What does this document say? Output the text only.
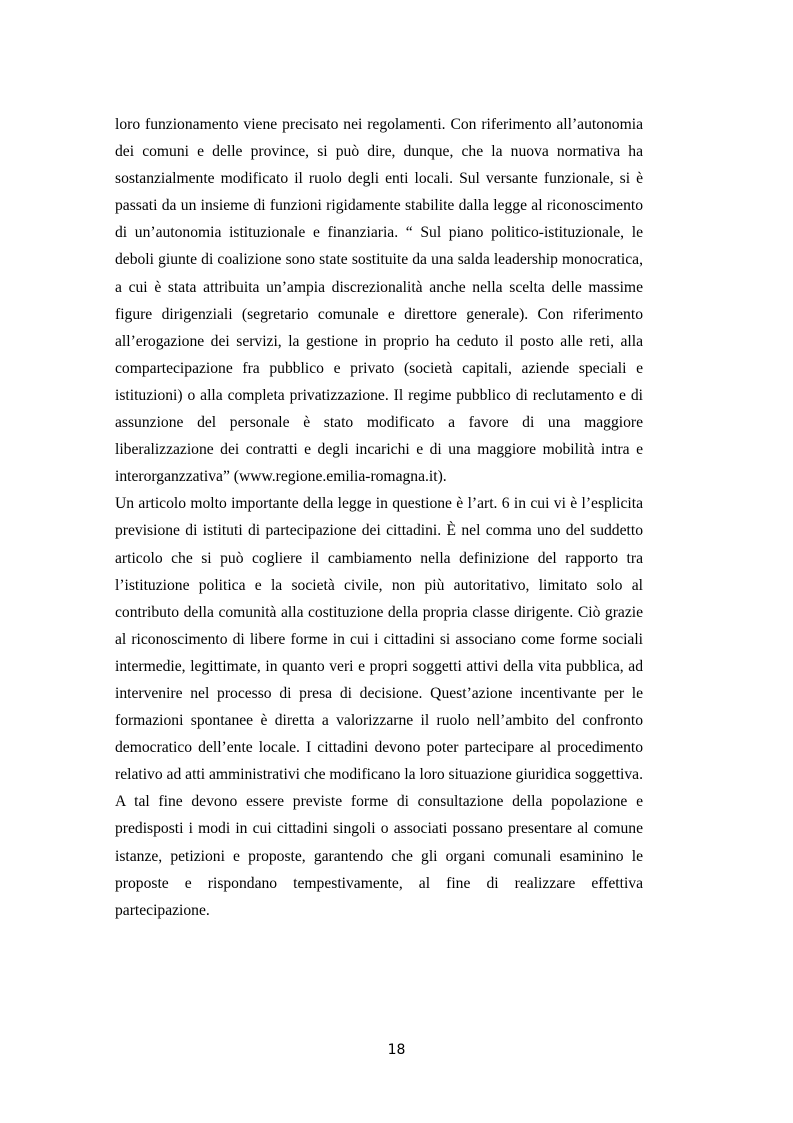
loro funzionamento viene precisato nei regolamenti. Con riferimento all’autonomia dei comuni e delle province, si può dire, dunque, che la nuova normativa ha sostanzialmente modificato il ruolo degli enti locali. Sul versante funzionale, si è passati da un insieme di funzioni rigidamente stabilite dalla legge al riconoscimento di un’autonomia istituzionale e finanziaria. “ Sul piano politico-istituzionale, le deboli giunte di coalizione sono state sostituite da una salda leadership monocratica, a cui è stata attribuita un’ampia discrezionalità anche nella scelta delle massime figure dirigenziali (segretario comunale e direttore generale). Con riferimento all’erogazione dei servizi, la gestione in proprio ha ceduto il posto alle reti, alla compartecipazione fra pubblico e privato (società capitali, aziende speciali e istituzioni) o alla completa privatizzazione. Il regime pubblico di reclutamento e di assunzione del personale è stato modificato a favore di una maggiore liberalizzazione dei contratti e degli incarichi e di una maggiore mobilità intra e interorganzzativa” (www.regione.emilia-romagna.it).

Un articolo molto importante della legge in questione è l’art. 6 in cui vi è l’esplicita previsione di istituti di partecipazione dei cittadini. È nel comma uno del suddetto articolo che si può cogliere il cambiamento nella definizione del rapporto tra l’istituzione politica e la società civile, non più autoritativo, limitato solo al contributo della comunità alla costituzione della propria classe dirigente. Ciò grazie al riconoscimento di libere forme in cui i cittadini si associano come forme sociali intermedie, legittimate, in quanto veri e propri soggetti attivi della vita pubblica, ad intervenire nel processo di presa di decisione. Quest’azione incentivante per le formazioni spontanee è diretta a valorizzarne il ruolo nell’ambito del confronto democratico dell’ente locale. I cittadini devono poter partecipare al procedimento relativo ad atti amministrativi che modificano la loro situazione giuridica soggettiva. A tal fine devono essere previste forme di consultazione della popolazione e predisposti i modi in cui cittadini singoli o associati possano presentare al comune istanze, petizioni e proposte, garantendo che gli organi comunali esaminino le proposte e rispondano tempestivamente, al fine di realizzare effettiva partecipazione.

18
